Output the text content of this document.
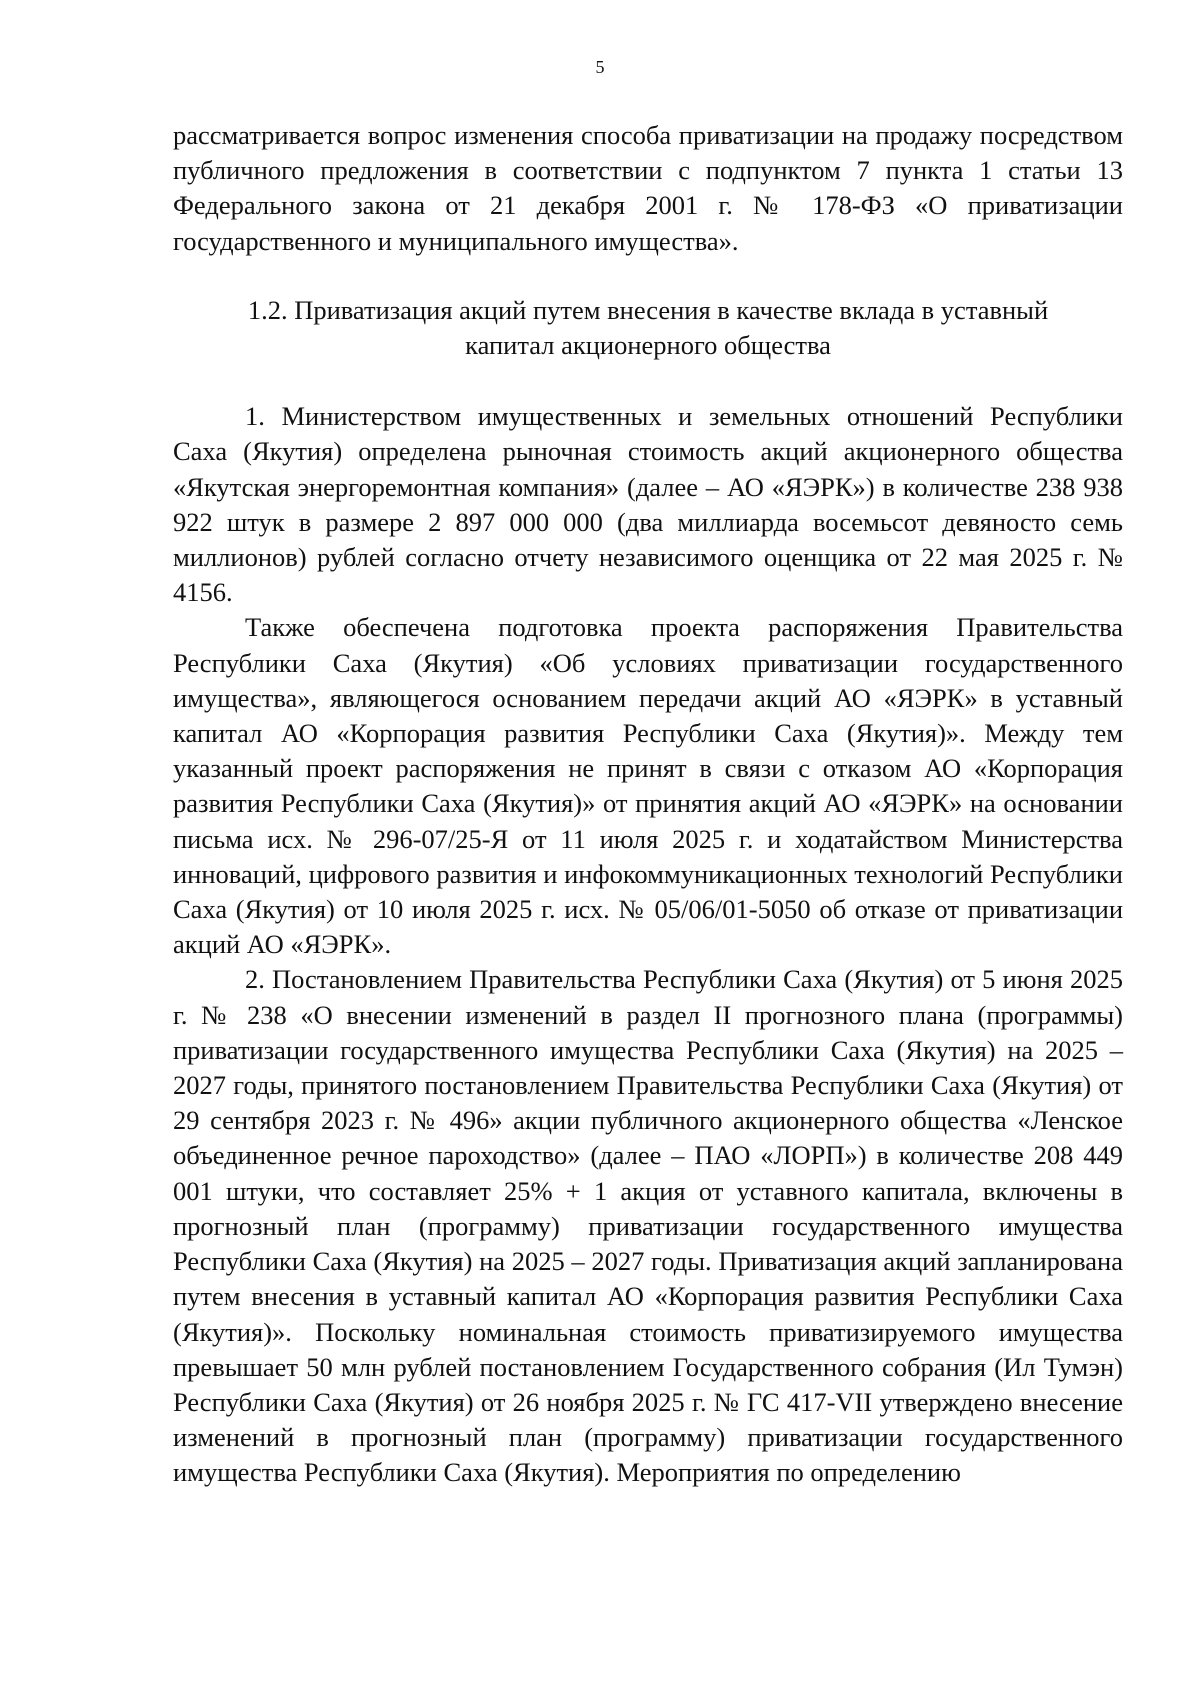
5

рассматривается вопрос изменения способа приватизации на продажу посредством публичного предложения в соответствии с подпунктом 7 пункта 1 статьи 13 Федерального закона от 21 декабря 2001 г. № 178-ФЗ «О приватизации государственного и муниципального имущества».

1.2. Приватизация акций путем внесения в качестве вклада в уставный
капитал акционерного общества

1. Министерством имущественных и земельных отношений Республики Саха (Якутия) определена рыночная стоимость акций акционерного общества «Якутская энергоремонтная компания» (далее – АО «ЯЭРК») в количестве 238 938 922 штук в размере 2 897 000 000 (два миллиарда восемьсот девяносто семь миллионов) рублей согласно отчету независимого оценщика от 22 мая 2025 г. № 4156.

Также обеспечена подготовка проекта распоряжения Правительства Республики Саха (Якутия) «Об условиях приватизации государственного имущества», являющегося основанием передачи акций АО «ЯЭРК» в уставный капитал АО «Корпорация развития Республики Саха (Якутия)». Между тем указанный проект распоряжения не принят в связи с отказом АО «Корпорация развития Республики Саха (Якутия)» от принятия акций АО «ЯЭРК» на основании письма исх. № 296-07/25-Я от 11 июля 2025 г. и ходатайством Министерства инноваций, цифрового развития и инфокоммуникационных технологий Республики Саха (Якутия) от 10 июля 2025 г. исх. № 05/06/01-5050 об отказе от приватизации акций АО «ЯЭРК».

2. Постановлением Правительства Республики Саха (Якутия) от 5 июня 2025 г. № 238 «О внесении изменений в раздел II прогнозного плана (программы) приватизации государственного имущества Республики Саха (Якутия) на 2025 – 2027 годы, принятого постановлением Правительства Республики Саха (Якутия) от 29 сентября 2023 г. № 496» акции публичного акционерного общества «Ленское объединенное речное пароходство» (далее – ПАО «ЛОРП») в количестве 208 449 001 штуки, что составляет 25% + 1 акция от уставного капитала, включены в прогнозный план (программу) приватизации государственного имущества Республики Саха (Якутия) на 2025 – 2027 годы. Приватизация акций запланирована путем внесения в уставный капитал АО «Корпорация развития Республики Саха (Якутия)». Поскольку номинальная стоимость приватизируемого имущества превышает 50 млн рублей постановлением Государственного собрания (Ил Тумэн) Республики Саха (Якутия) от 26 ноября 2025 г. № ГС 417-VII утверждено внесение изменений в прогнозный план (программу) приватизации государственного имущества Республики Саха (Якутия). Мероприятия по определению
